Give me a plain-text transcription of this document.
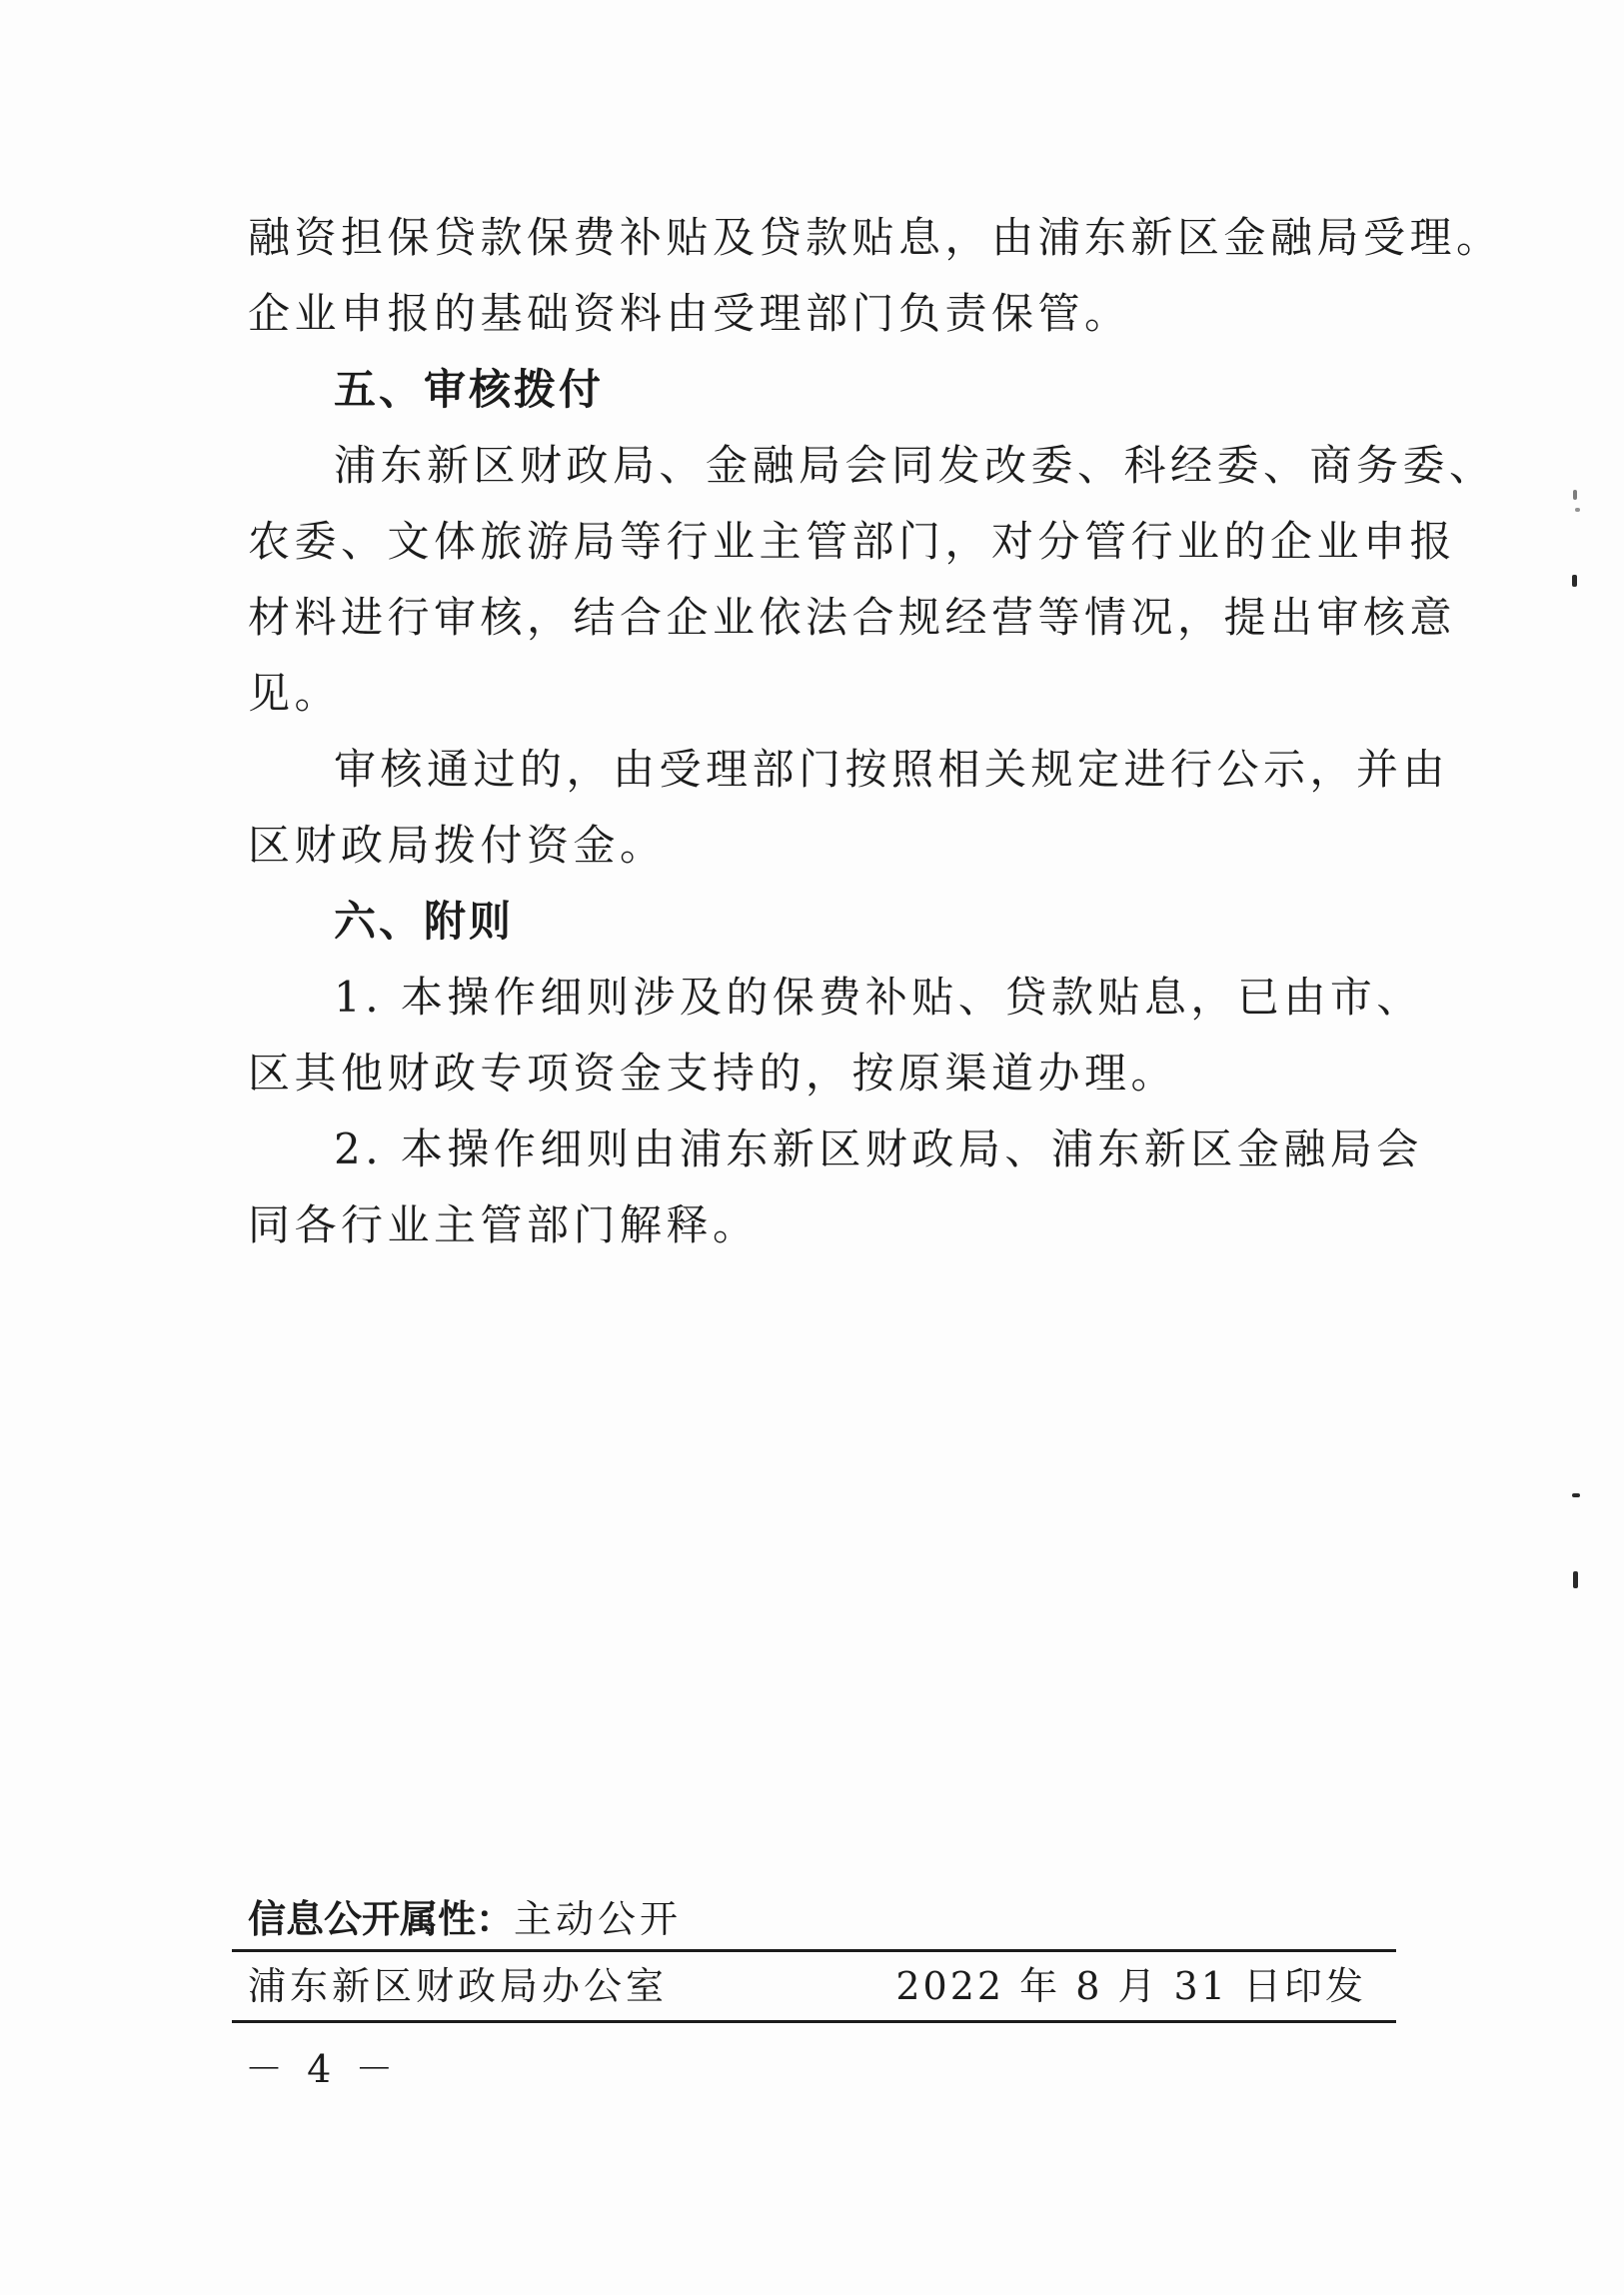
融资担保贷款保费补贴及贷款贴息，由浦东新区金融局受理。
企业申报的基础资料由受理部门负责保管。
五、审核拨付
浦东新区财政局、金融局会同发改委、科经委、商务委、
农委、文体旅游局等行业主管部门，对分管行业的企业申报
材料进行审核，结合企业依法合规经营等情况，提出审核意
见。
审核通过的，由受理部门按照相关规定进行公示，并由
区财政局拨付资金。
六、附则
1. 本操作细则涉及的保费补贴、贷款贴息，已由市、
区其他财政专项资金支持的，按原渠道办理。
2. 本操作细则由浦东新区财政局、浦东新区金融局会
同各行业主管部门解释。
信息公开属性：主动公开
浦东新区财政局办公室	2022 年 8 月 31 日印发
－ 4 －
